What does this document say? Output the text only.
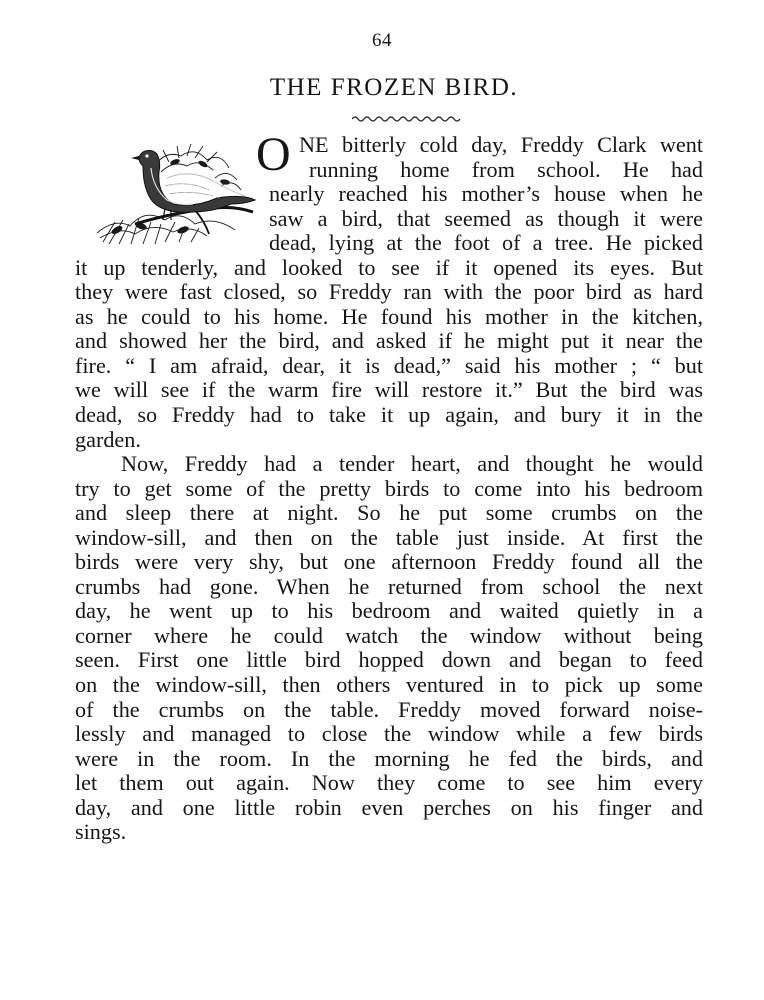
64
THE FROZEN BIRD.

O NE bitterly cold day, Freddy Clark went
running home from school. He had
nearly reached his mother’s house when he
saw a bird, that seemed as though it were
dead, lying at the foot of a tree. He picked
it up tenderly, and looked to see if it opened its eyes. But
they were fast closed, so Freddy ran with the poor bird as hard
as he could to his home. He found his mother in the kitchen,
and showed her the bird, and asked if he might put it near the
fire. “ I am afraid, dear, it is dead,” said his mother ; “ but
we will see if the warm fire will restore it.” But the bird was
dead, so Freddy had to take it up again, and bury it in the
garden.

Now, Freddy had a tender heart, and thought he would
try to get some of the pretty birds to come into his bedroom
and sleep there at night. So he put some crumbs on the
window-sill, and then on the table just inside. At first the
birds were very shy, but one afternoon Freddy found all the
crumbs had gone. When he returned from school the next
day, he went up to his bedroom and waited quietly in a
corner where he could watch the window without being
seen. First one little bird hopped down and began to feed
on the window-sill, then others ventured in to pick up some
of the crumbs on the table. Freddy moved forward noise-
lessly and managed to close the window while a few birds
were in the room. In the morning he fed the birds, and
let them out again. Now they come to see him every
day, and one little robin even perches on his finger and
sings.
